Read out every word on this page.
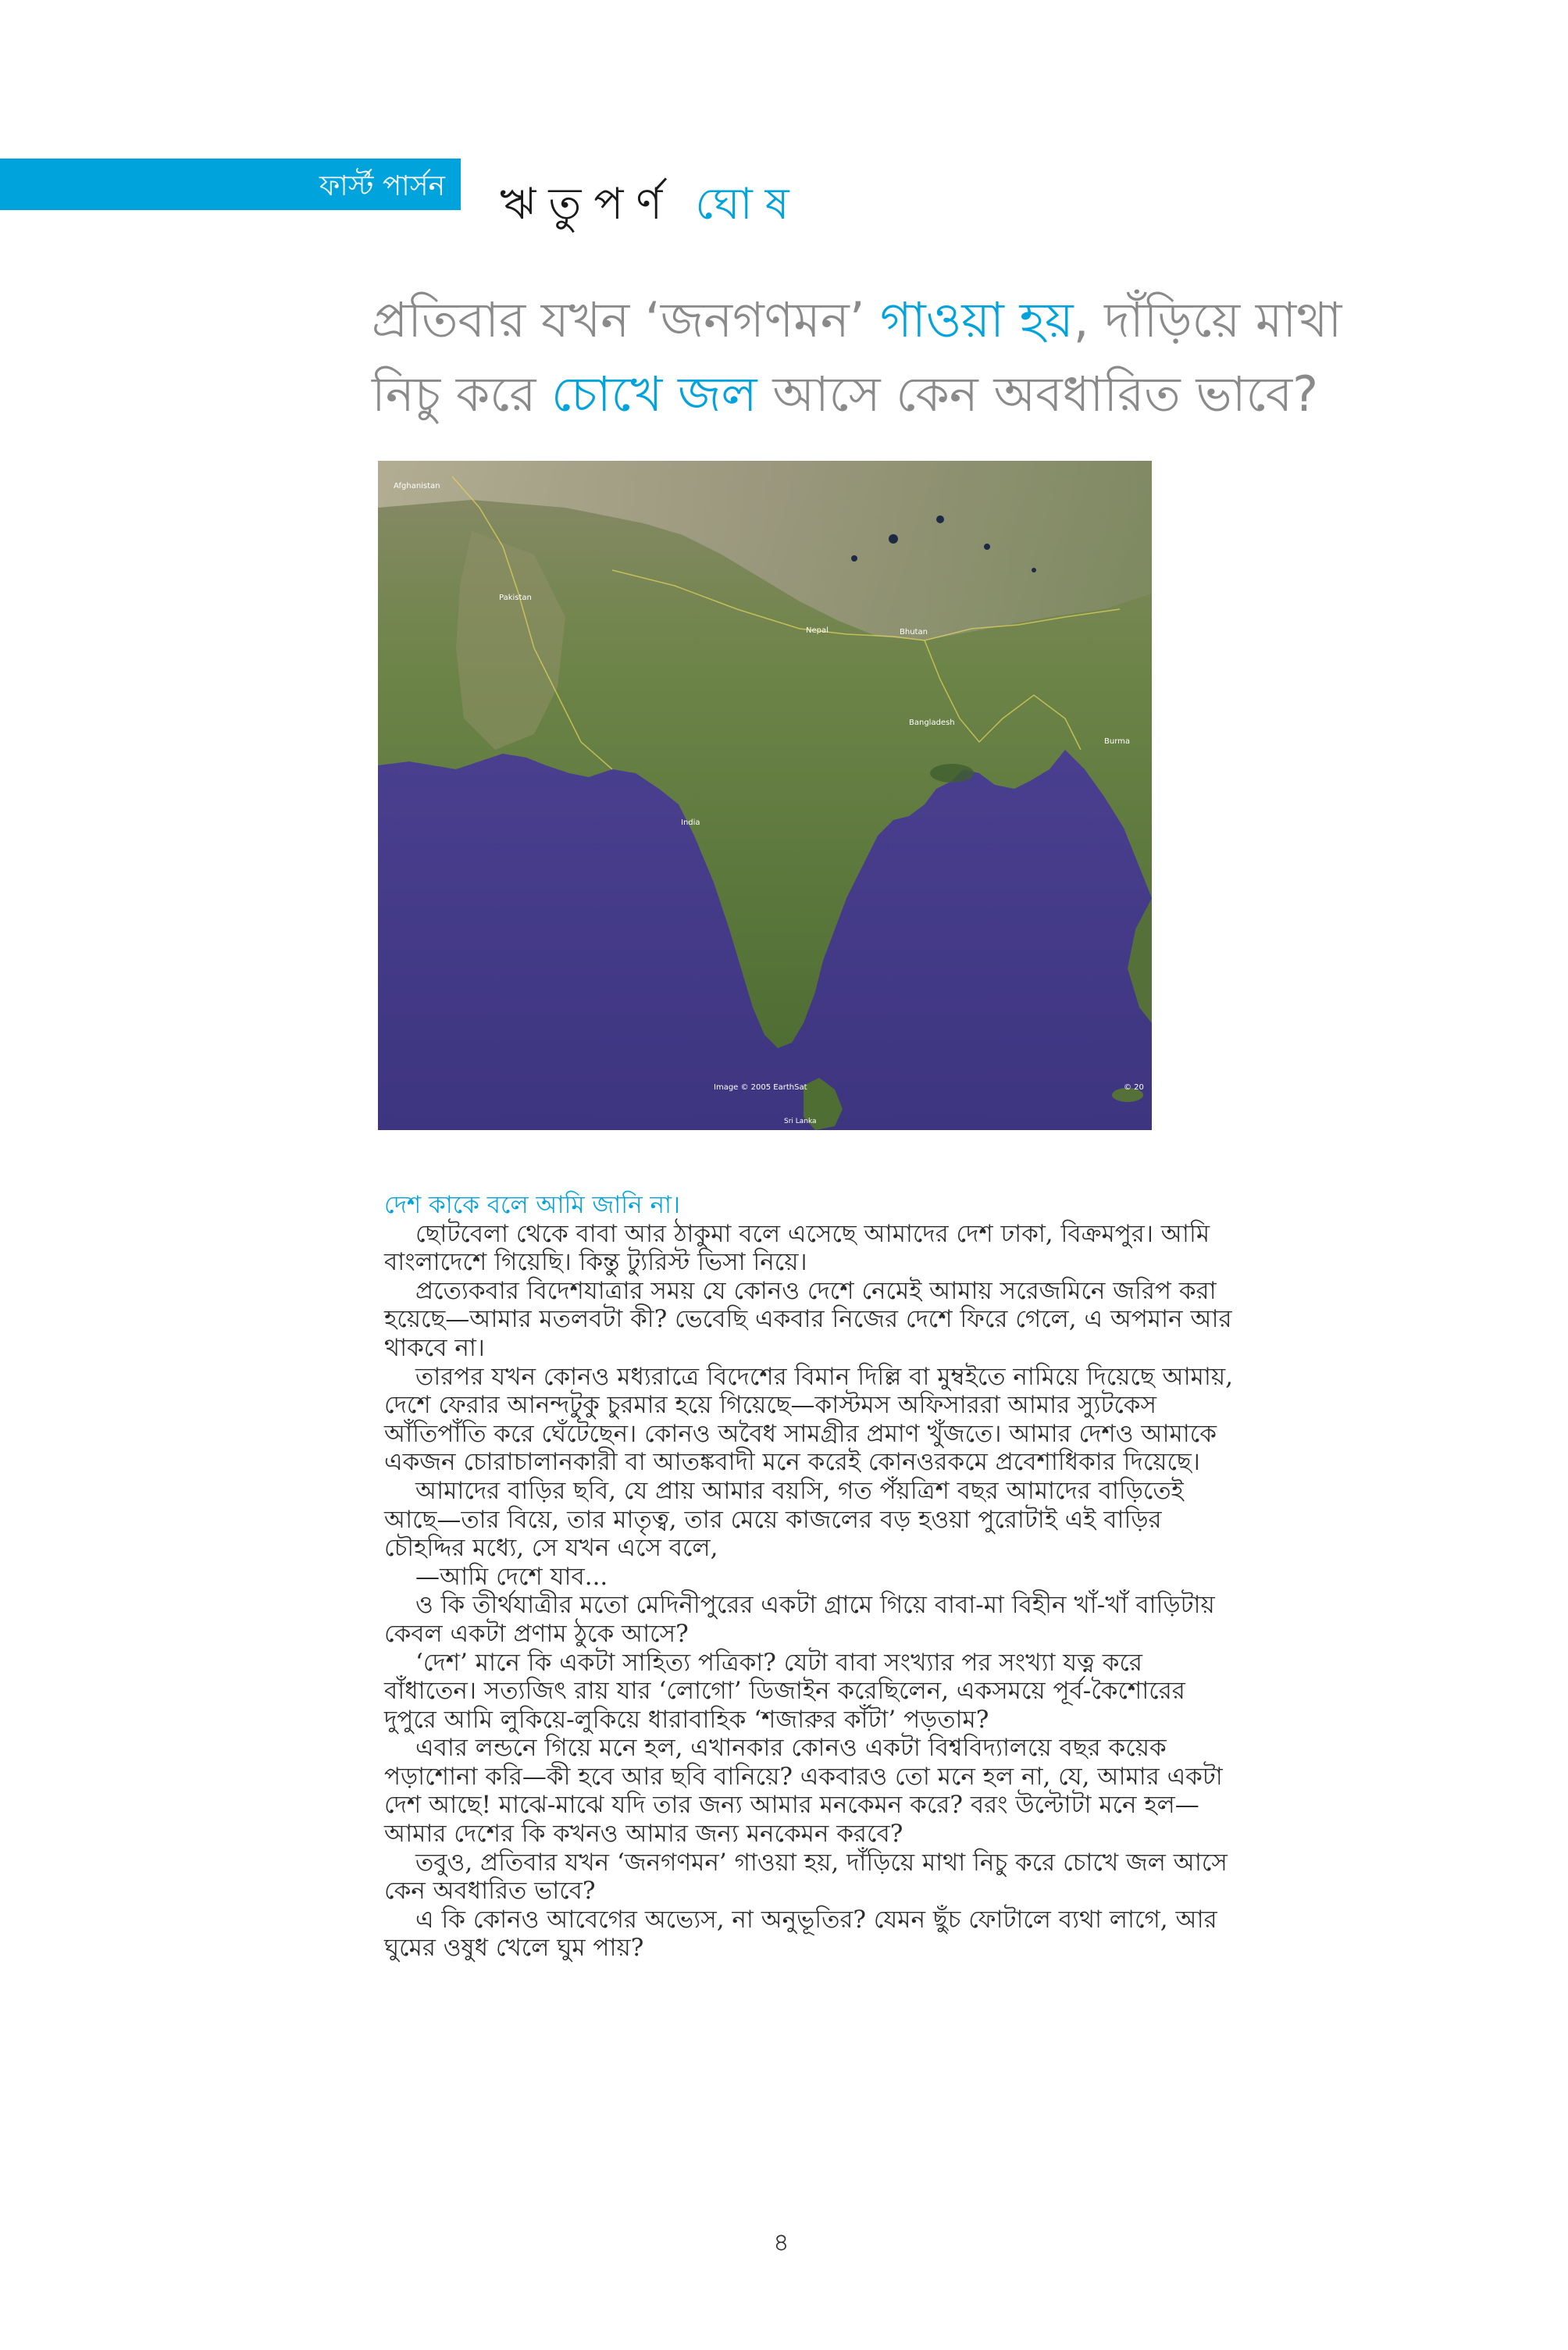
ফার্স্ট পার্সন ঋতুপর্ণ ঘোষ
প্রতিবার যখন ‘জনগণমন’ গাওয়া হয়, দাঁড়িয়ে মাথা নিচু করে চোখে জল আসে কেন অবধারিত ভাবে?
Afghanistan
Pakistan
Nepal	Bhutan
Bangladesh
India
Burma
Sri Lanka
Image © 2005 EarthSat	© 20

দেশ কাকে বলে আমি জানি না।

ছোটবেলা থেকে বাবা আর ঠাকুমা বলে এসেছে আমাদের দেশ ঢাকা, বিক্রমপুর। আমি বাংলাদেশে গিয়েছি। কিন্তু ট্যুরিস্ট ভিসা নিয়ে।

প্রত্যেকবার বিদেশযাত্রার সময় যে কোনও দেশে নেমেই আমায় সরেজমিনে জরিপ করা হয়েছে—আমার মতলবটা কী? ভেবেছি একবার নিজের দেশে ফিরে গেলে, এ অপমান আর থাকবে না।

তারপর যখন কোনও মধ্যরাত্রে বিদেশের বিমান দিল্লি বা মুম্বইতে নামিয়ে দিয়েছে আমায়, দেশে ফেরার আনন্দটুকু চুরমার হয়ে গিয়েছে—কাস্টমস অফিসাররা আমার স্যুটকেস আঁতিপাঁতি করে ঘেঁটেছেন। কোনও অবৈধ সামগ্রীর প্রমাণ খুঁজতে। আমার দেশও আমাকে একজন চোরাচালানকারী বা আতঙ্কবাদী মনে করেই কোনওরকমে প্রবেশাধিকার দিয়েছে।

আমাদের বাড়ির ছবি, যে প্রায় আমার বয়সি, গত পঁয়ত্রিশ বছর আমাদের বাড়িতেই আছে—তার বিয়ে, তার মাতৃত্ব, তার মেয়ে কাজলের বড় হওয়া পুরোটাই এই বাড়ির চৌহদ্দির মধ্যে, সে যখন এসে বলে,

—আমি দেশে যাব...

ও কি তীর্থযাত্রীর মতো মেদিনীপুরের একটা গ্রামে গিয়ে বাবা-মা বিহীন খাঁ-খাঁ বাড়িটায় কেবল একটা প্রণাম ঠুকে আসে?

‘দেশ’ মানে কি একটা সাহিত্য পত্রিকা? যেটা বাবা সংখ্যার পর সংখ্যা যত্ন করে বাঁধাতেন। সত্যজিৎ রায় যার ‘লোগো’ ডিজাইন করেছিলেন, একসময়ে পূর্ব-কৈশোরের দুপুরে আমি লুকিয়ে-লুকিয়ে ধারাবাহিক ‘শজারুর কাঁটা’ পড়তাম?

এবার লন্ডনে গিয়ে মনে হল, এখানকার কোনও একটা বিশ্ববিদ্যালয়ে বছর কয়েক পড়াশোনা করি—কী হবে আর ছবি বানিয়ে? একবারও তো মনে হল না, যে, আমার একটা দেশ আছে! মাঝে-মাঝে যদি তার জন্য আমার মনকেমন করে? বরং উল্টোটা মনে হল—আমার দেশের কি কখনও আমার জন্য মনকেমন করবে?

তবুও, প্রতিবার যখন ‘জনগণমন’ গাওয়া হয়, দাঁড়িয়ে মাথা নিচু করে চোখে জল আসে কেন অবধারিত ভাবে?

এ কি কোনও আবেগের অভ্যেস, না অনুভূতির? যেমন ছুঁচ ফোটালে ব্যথা লাগে, আর ঘুমের ওষুধ খেলে ঘুম পায়?

৪
